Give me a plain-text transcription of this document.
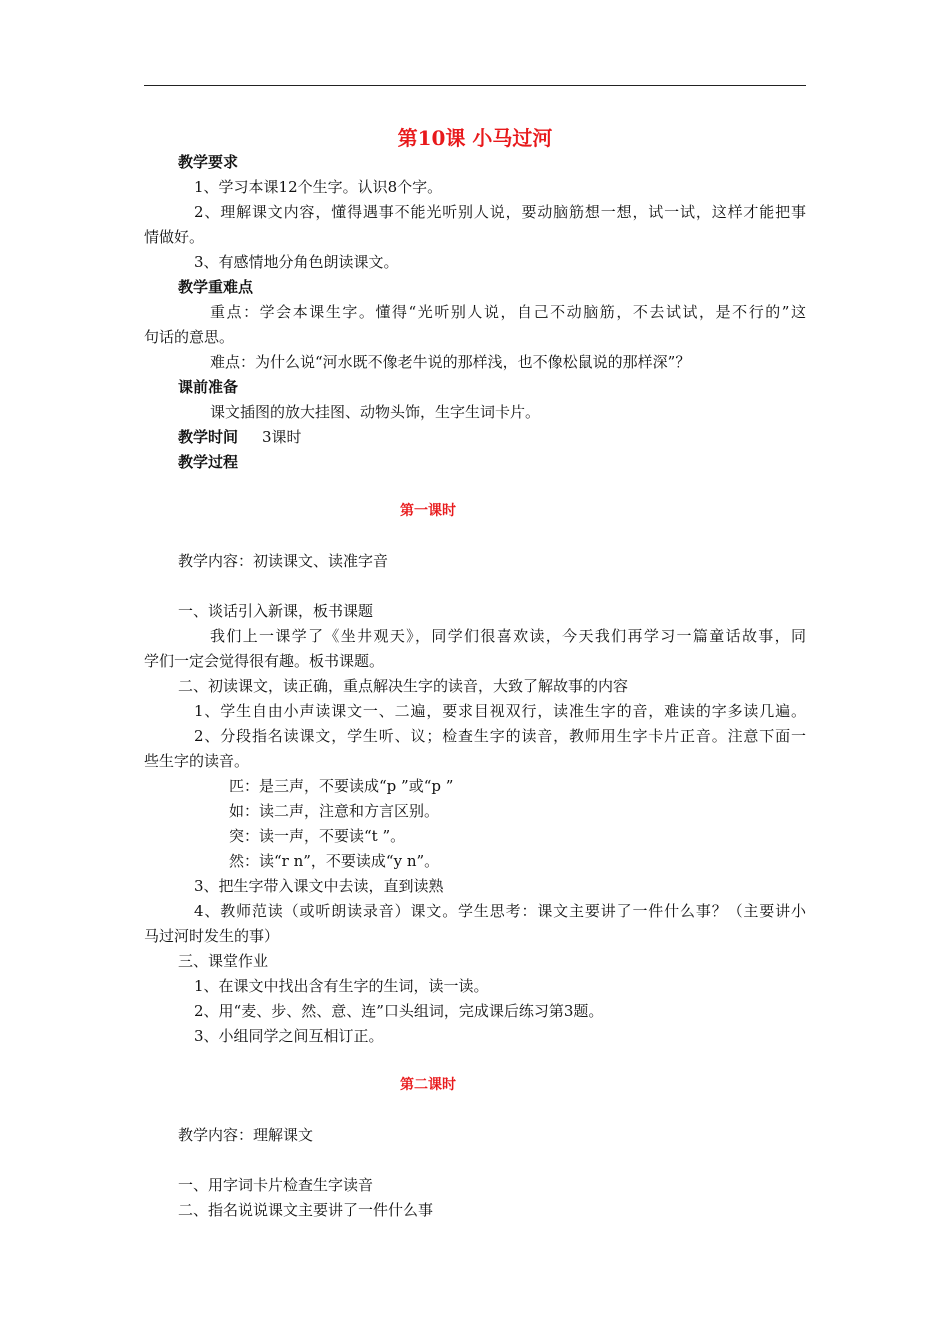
第10课 小马过河
教学要求
1、学习本课12个生字。认识8个字。
2、理解课文内容，懂得遇事不能光听别人说，要动脑筋想一想，试一试，这样才能把事
情做好。
3、有感情地分角色朗读课文。
教学重难点
重点：学会本课生字。懂得“光听别人说，自己不动脑筋，不去试试，是不行的”这
句话的意思。
难点：为什么说“河水既不像老牛说的那样浅，也不像松鼠说的那样深”？
课前准备
课文插图的放大挂图、动物头饰，生字生词卡片。
教学时间 3课时
教学过程
第一课时
教学内容：初读课文、读准字音
一、谈话引入新课，板书课题
我们上一课学了《坐井观天》，同学们很喜欢读，今天我们再学习一篇童话故事，同
学们一定会觉得很有趣。板书课题。
二、初读课文，读正确，重点解决生字的读音，大致了解故事的内容
1、学生自由小声读课文一、二遍，要求目视双行，读准生字的音，难读的字多读几遍。
2、分段指名读课文，学生听、议；检查生字的读音，教师用生字卡片正音。注意下面一
些生字的读音。
匹：是三声，不要读成“p ”或“p ”
如：读二声，注意和方言区别。
突：读一声，不要读“t ”。
然：读“r n”，不要读成“y n”。
3、把生字带入课文中去读，直到读熟
4、教师范读（或听朗读录音）课文。学生思考：课文主要讲了一件什么事？（主要讲小
马过河时发生的事）
三、课堂作业
1、在课文中找出含有生字的生词，读一读。
2、用“麦、步、然、意、连”口头组词，完成课后练习第3题。
3、小组同学之间互相订正。
第二课时
教学内容：理解课文
一、用字词卡片检查生字读音
二、指名说说课文主要讲了一件什么事
